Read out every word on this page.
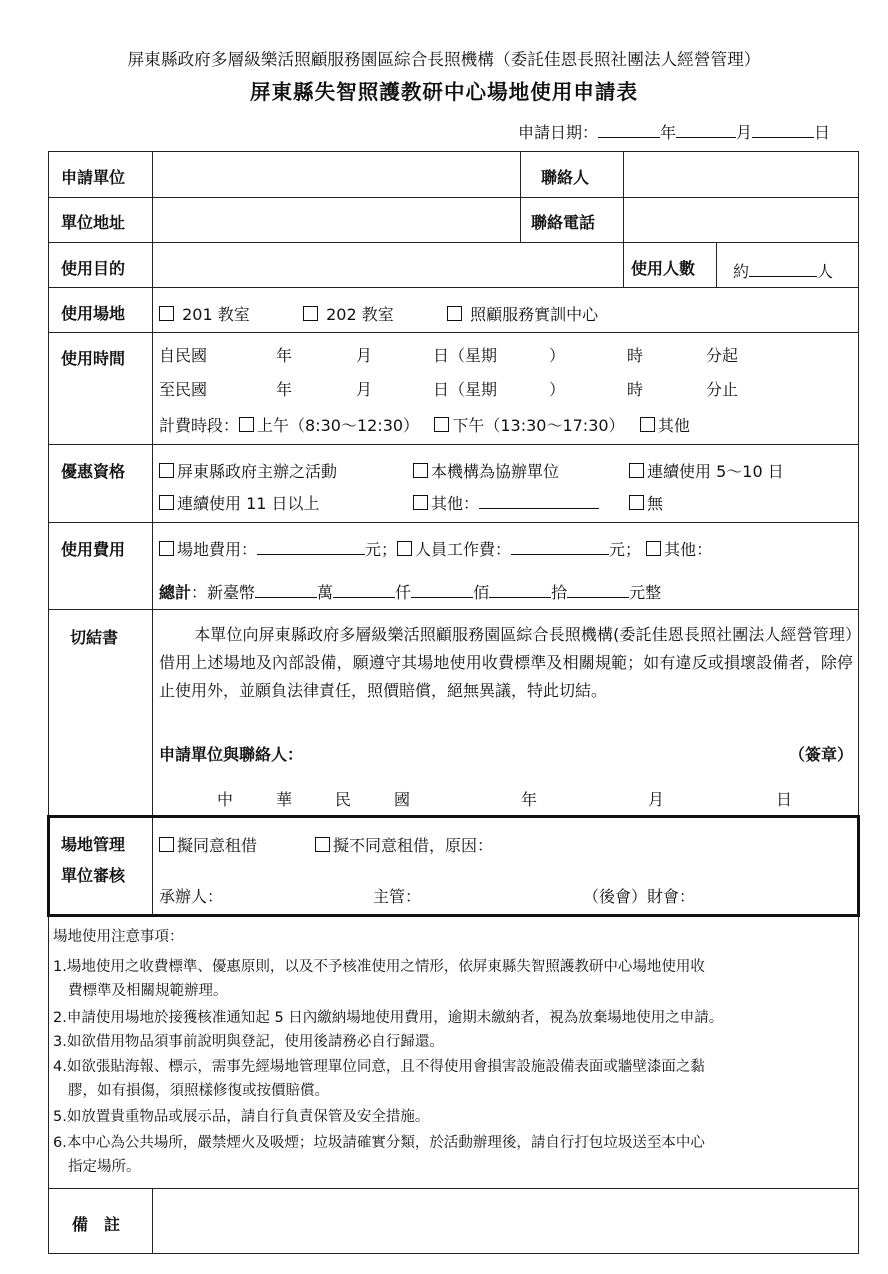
屏東縣政府多層級樂活照顧服務園區綜合長照機構（委託佳恩長照社團法人經營管理）
屏東縣失智照護教研中心場地使用申請表
申請日期：	年	月	日
申請單位	聯絡人
單位地址	聯絡電話
使用目的	使用人數 約	人
使用場地	201 教室	202 教室	照顧服務實訓中心
使用時間 自民國	年	月	日（星期	）	時	分起
至民國	年	月	日（星期	）	時	分止
計費時段： 上午（8:30～12:30） 下午（13:30～17:30） 其他
優惠資格	屏東縣政府主辦之活動	本機構為協辦單位	連續使用 5～10 日
連續使用 11 日以上	其他：	無
使用費用	場地費用：	元； 人員工作費：	元； 其他：
總計：新臺幣	萬	仟	佰	拾	元整
切結書	本單位向屏東縣政府多層級樂活照顧服務園區綜合長照機構(委託佳恩長照社團法人經營管理）借用上述場地及內部設備，願遵守其場地使用收費標準及相關規範；如有違反或損壞設備者，除停止使用外，並願負法律責任，照價賠償，絕無異議，特此切結。
申請單位與聯絡人：	（簽章）
中	華	民	國	年	月	日
場地管理
單位審核
擬同意租借	擬不同意租借，原因：
承辦人：	主管：	（後會）財會：
場地使用注意事項：
1.場地使用之收費標準、優惠原則，以及不予核准使用之情形，依屏東縣失智照護教研中心場地使用收
費標準及相關規範辦理。
2.申請使用場地於接獲核准通知起 5 日內繳納場地使用費用，逾期未繳納者，視為放棄場地使用之申請。
3.如欲借用物品須事前說明與登記，使用後請務必自行歸還。
4.如欲張貼海報、標示，需事先經場地管理單位同意，且不得使用會損害設施設備表面或牆壁漆面之黏
膠，如有損傷，須照樣修復或按價賠償。
5.如放置貴重物品或展示品，請自行負責保管及安全措施。
6.本中心為公共場所，嚴禁煙火及吸煙；垃圾請確實分類，於活動辦理後，請自行打包垃圾送至本中心
指定場所。
備　註
